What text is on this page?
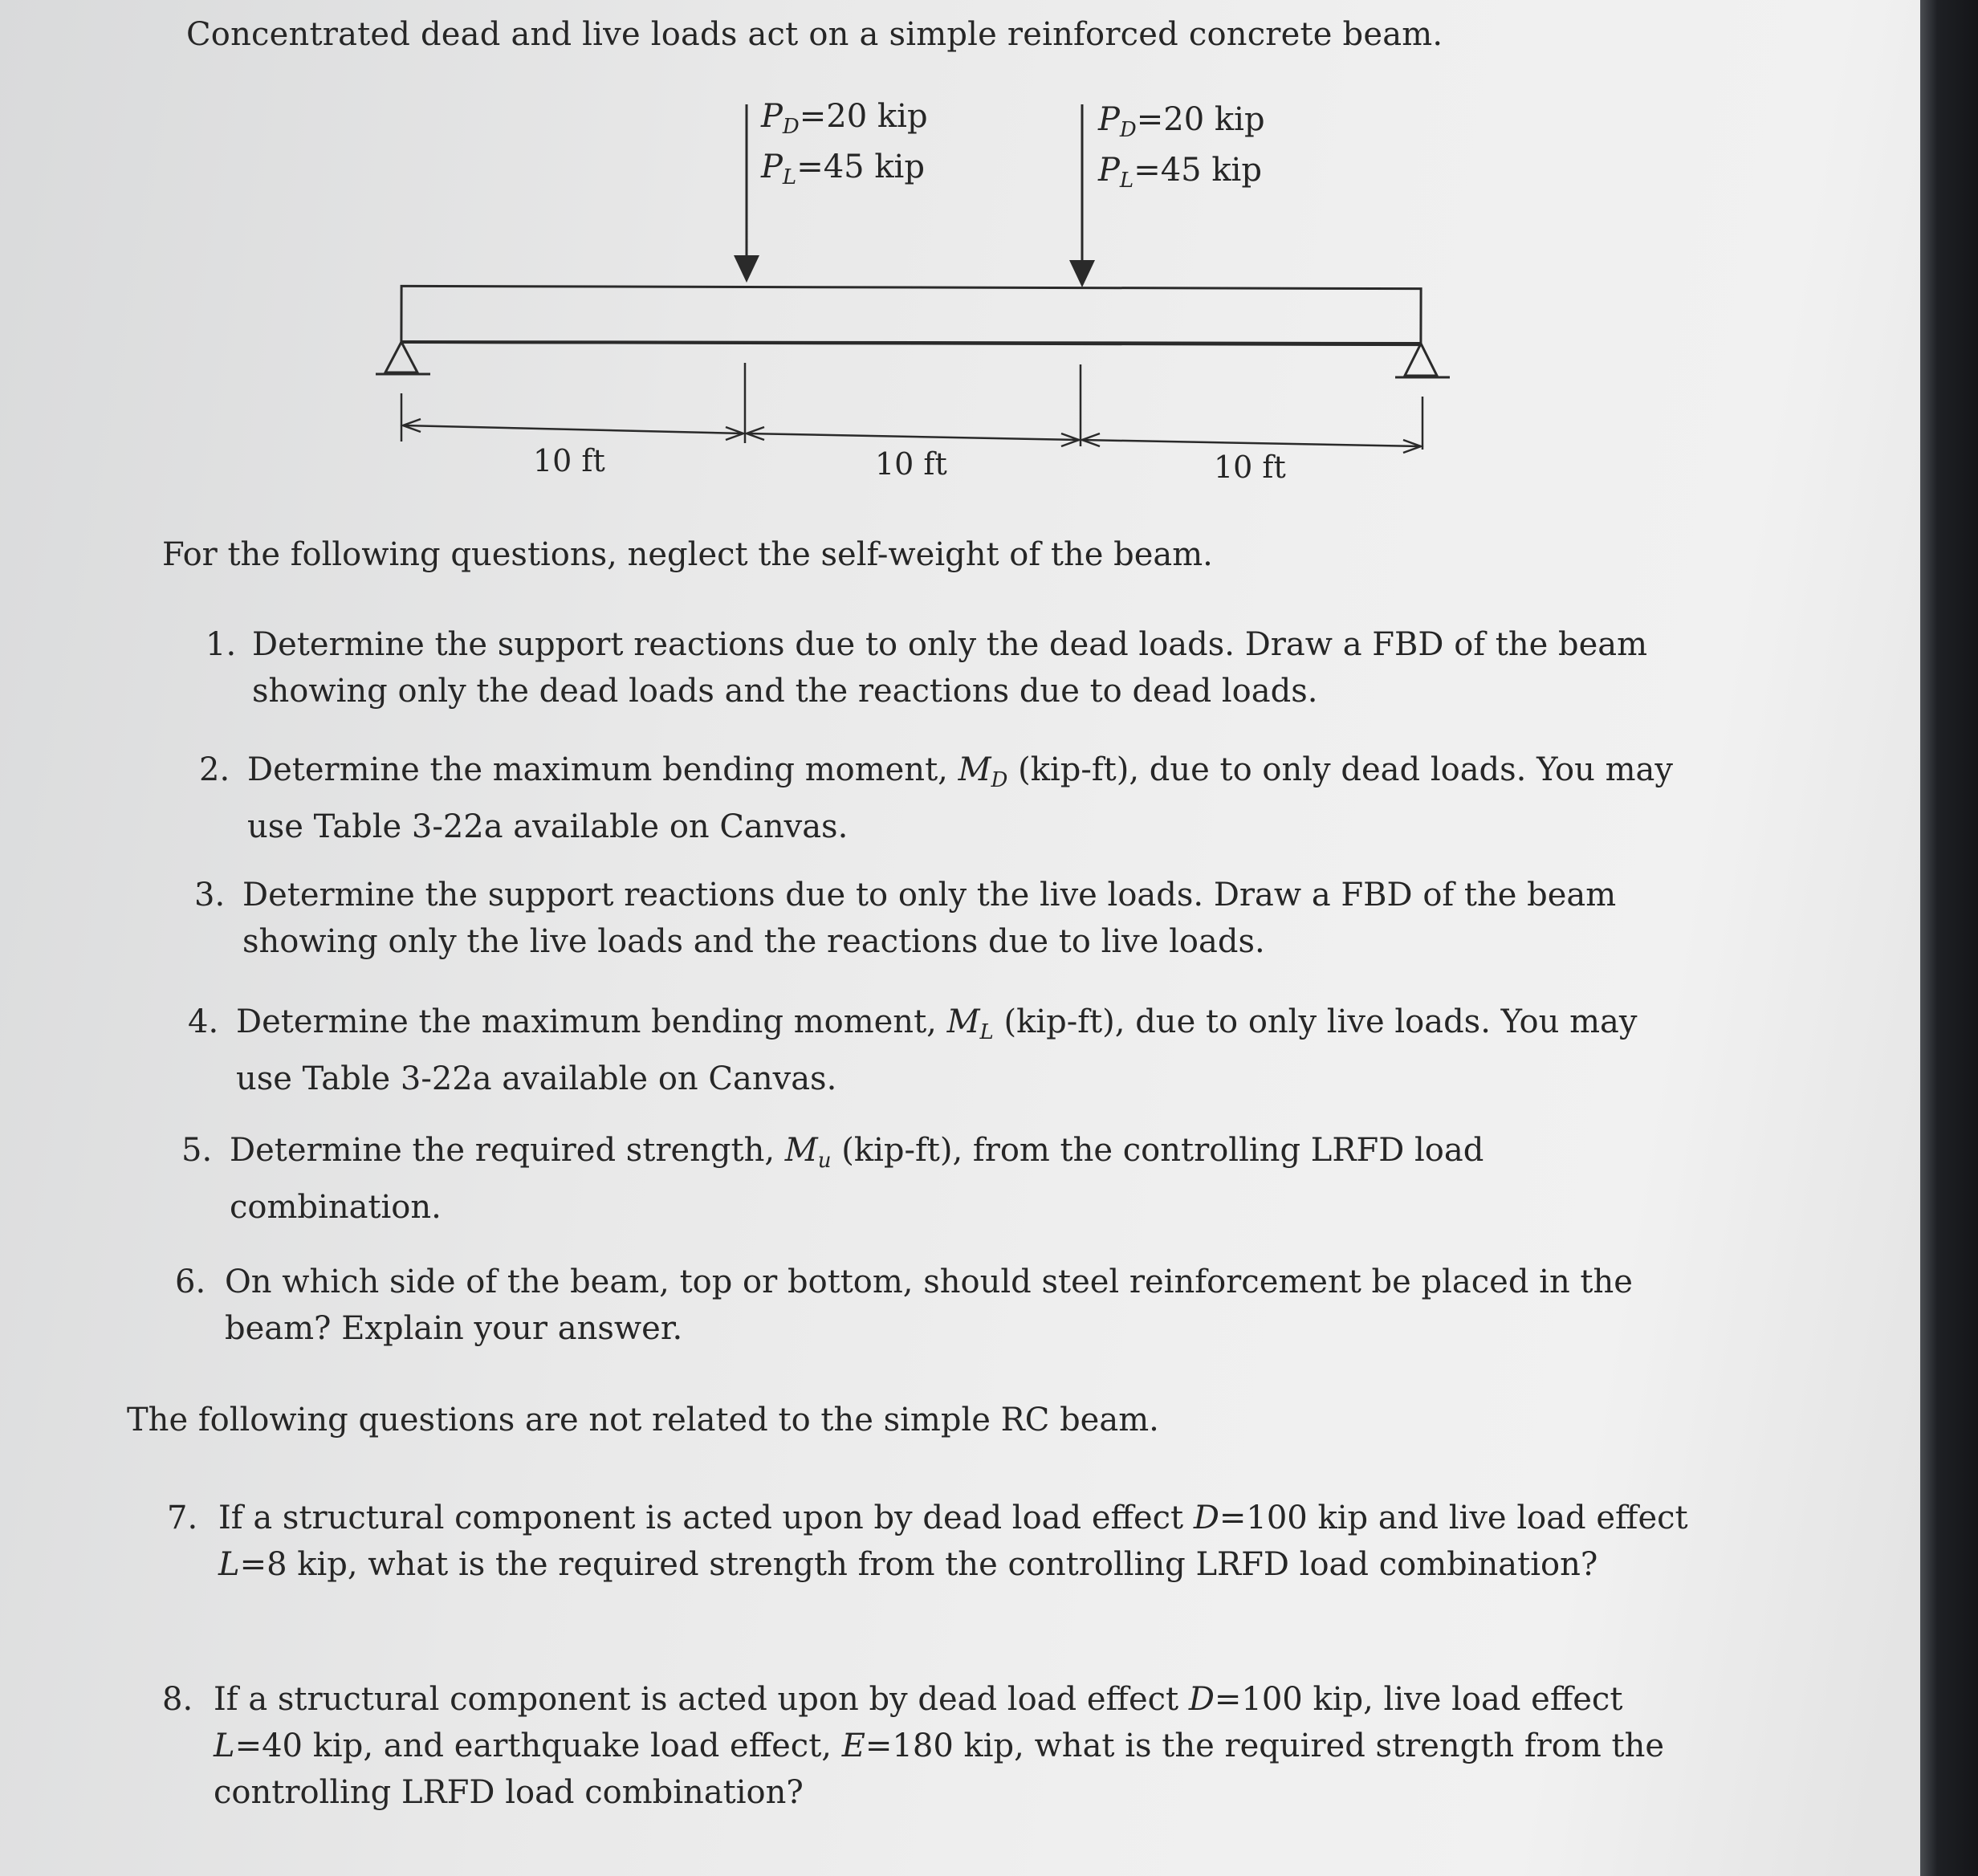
Concentrated dead and live loads act on a simple reinforced concrete beam.
$P_D=20$ kip
$P_L=45$ kip
$P_D=20$ kip
$P_L=45$ kip
10 ft	10 ft	10 ft
For the following questions, neglect the self-weight of the beam.
1. Determine the support reactions due to only the dead loads. Draw a FBD of the beam showing only the dead loads and the reactions due to dead loads.
2. Determine the maximum bending moment, $M_D$ (kip-ft), due to only dead loads. You may use Table 3-22a available on Canvas.
3. Determine the support reactions due to only the live loads. Draw a FBD of the beam showing only the live loads and the reactions due to live loads.
4. Determine the maximum bending moment, $M_L$ (kip-ft), due to only live loads. You may use Table 3-22a available on Canvas.
5. Determine the required strength, $M_u$ (kip-ft), from the controlling LRFD load combination.
6. On which side of the beam, top or bottom, should steel reinforcement be placed in the beam? Explain your answer.
The following questions are not related to the simple RC beam.
7. If a structural component is acted upon by dead load effect D=100 kip and live load effect L=8 kip, what is the required strength from the controlling LRFD load combination?
8. If a structural component is acted upon by dead load effect D=100 kip, live load effect L=40 kip, and earthquake load effect, E=180 kip, what is the required strength from the controlling LRFD load combination?
